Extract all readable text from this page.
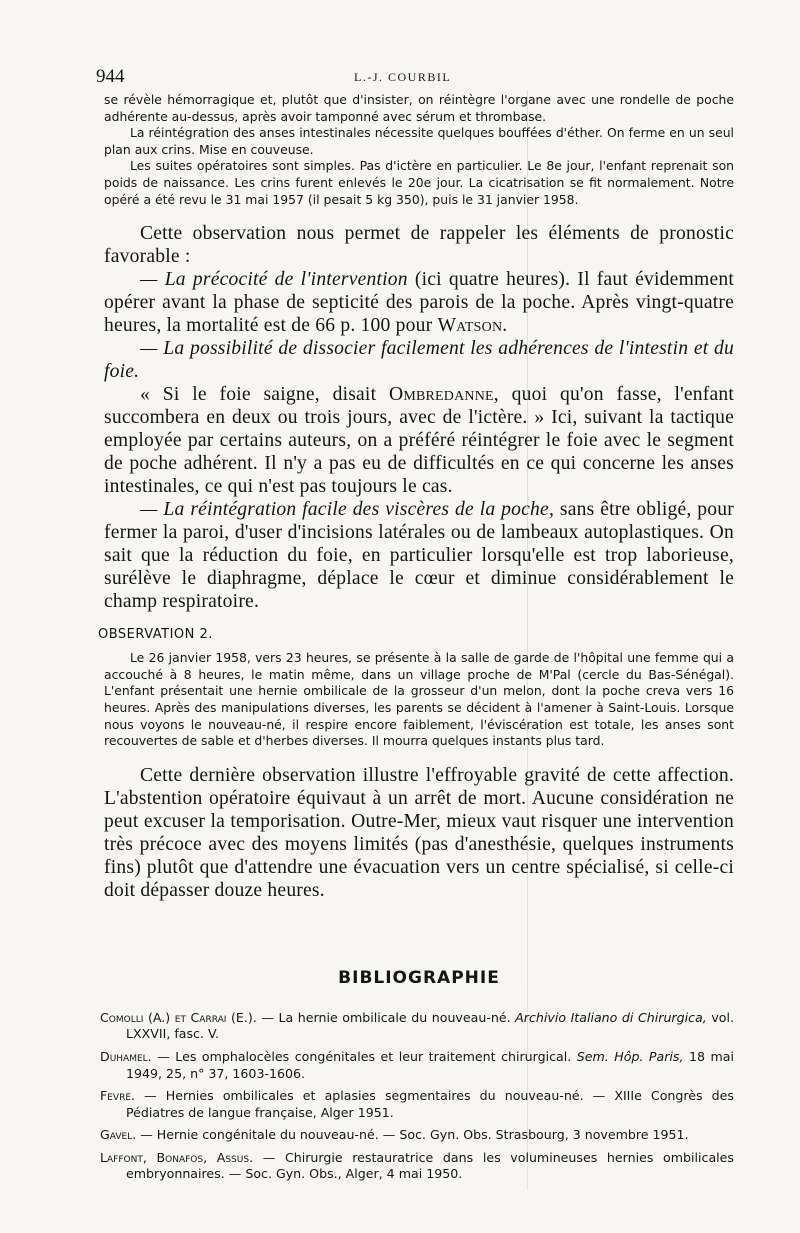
944	L.-J. COURBIL

se révèle hémorragique et, plutôt que d'insister, on réintègre l'organe avec une rondelle de poche adhérente au-dessus, après avoir tamponné avec sérum et thrombase.

La réintégration des anses intestinales nécessite quelques bouffées d'éther. On ferme en un seul plan aux crins. Mise en couveuse.

Les suites opératoires sont simples. Pas d'ictère en particulier. Le 8e jour, l'enfant reprenait son poids de naissance. Les crins furent enlevés le 20e jour. La cicatrisation se fit normalement. Notre opéré a été revu le 31 mai 1957 (il pesait 5 kg 350), puis le 31 janvier 1958.

Cette observation nous permet de rappeler les éléments de pronostic favorable :

— La précocité de l'intervention (ici quatre heures). Il faut évidemment opérer avant la phase de septicité des parois de la poche. Après vingt-quatre heures, la mortalité est de 66 p. 100 pour Watson.

— La possibilité de dissocier facilement les adhérences de l'intestin et du foie.

« Si le foie saigne, disait Ombredanne, quoi qu'on fasse, l'enfant succombera en deux ou trois jours, avec de l'ictère. » Ici, suivant la tactique employée par certains auteurs, on a préféré réintégrer le foie avec le segment de poche adhérent. Il n'y a pas eu de difficultés en ce qui concerne les anses intestinales, ce qui n'est pas toujours le cas.

— La réintégration facile des viscères de la poche, sans être obligé, pour fermer la paroi, d'user d'incisions latérales ou de lambeaux autoplastiques. On sait que la réduction du foie, en particulier lorsqu'elle est trop laborieuse, surélève le diaphragme, déplace le cœur et diminue considérablement le champ respiratoire.

OBSERVATION 2.

Le 26 janvier 1958, vers 23 heures, se présente à la salle de garde de l'hôpital une femme qui a accouché à 8 heures, le matin même, dans un village proche de M'Pal (cercle du Bas-Sénégal). L'enfant présentait une hernie ombilicale de la grosseur d'un melon, dont la poche creva vers 16 heures. Après des manipulations diverses, les parents se décident à l'amener à Saint-Louis. Lorsque nous voyons le nouveau-né, il respire encore faiblement, l'éviscération est totale, les anses sont recouvertes de sable et d'herbes diverses. Il mourra quelques instants plus tard.

Cette dernière observation illustre l'effroyable gravité de cette affection. L'abstention opératoire équivaut à un arrêt de mort. Aucune considération ne peut excuser la temporisation. Outre-Mer, mieux vaut risquer une intervention très précoce avec des moyens limités (pas d'anesthésie, quelques instruments fins) plutôt que d'attendre une évacuation vers un centre spécialisé, si celle-ci doit dépasser douze heures.

BIBLIOGRAPHIE

Comolli (A.) et Carrai (E.). — La hernie ombilicale du nouveau-né. Archivio Italiano di Chirurgica, vol. LXXVII, fasc. V.

Duhamel. — Les omphalocèles congénitales et leur traitement chirurgical. Sem. Hôp. Paris, 18 mai 1949, 25, n° 37, 1603-1606.

Fevre. — Hernies ombilicales et aplasies segmentaires du nouveau-né. — XIIIe Congrès des Pédiatres de langue française, Alger 1951.

Gavel. — Hernie congénitale du nouveau-né. — Soc. Gyn. Obs. Strasbourg, 3 novembre 1951.

Laffont, Bonafos, Assus. — Chirurgie restauratrice dans les volumineuses hernies ombilicales embryonnaires. — Soc. Gyn. Obs., Alger, 4 mai 1950.
